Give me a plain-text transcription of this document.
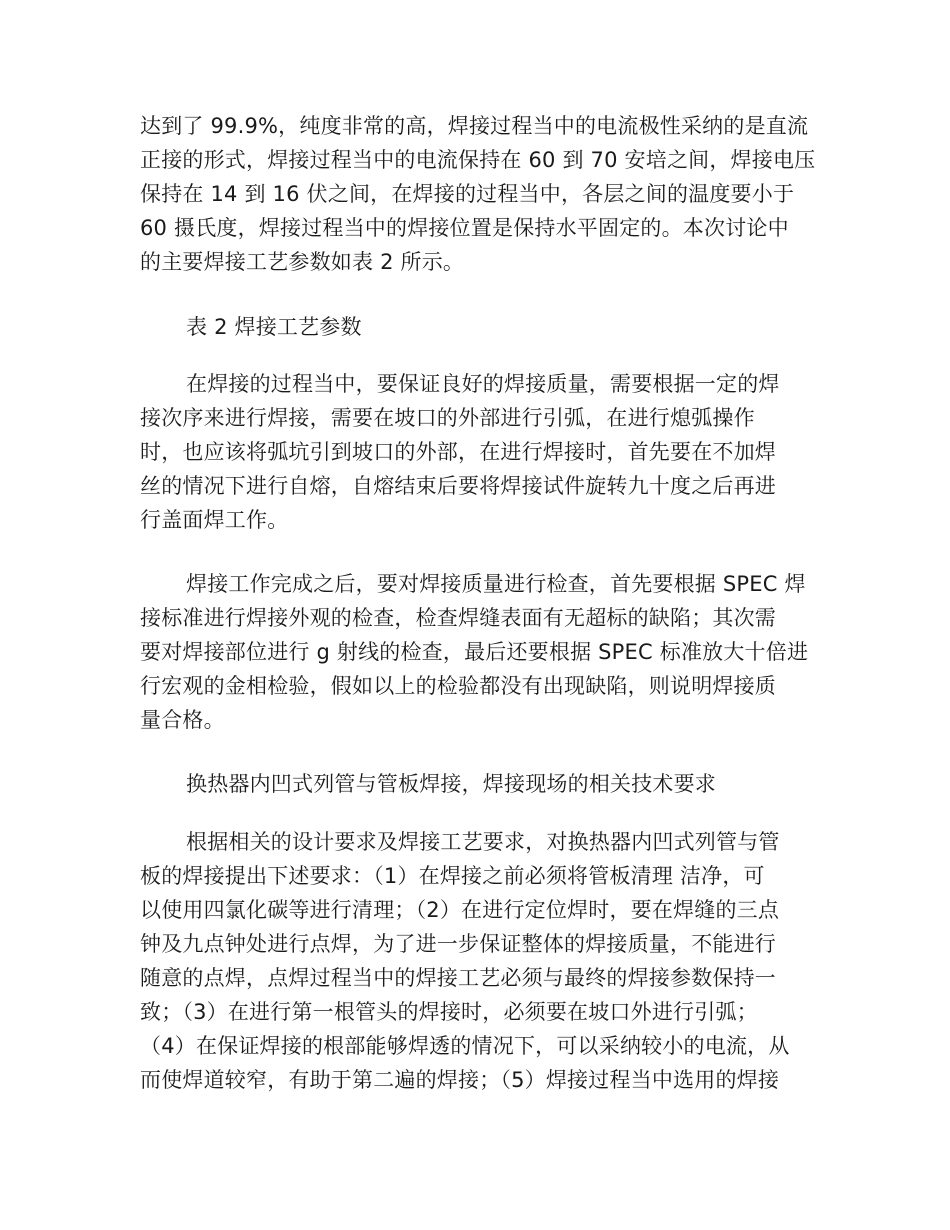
达到了 99.9%，纯度非常的高，焊接过程当中的电流极性采纳的是直流
正接的形式，焊接过程当中的电流保持在 60 到 70 安培之间，焊接电压
保持在 14 到 16 伏之间，在焊接的过程当中，各层之间的温度要小于
60 摄氏度，焊接过程当中的焊接位置是保持水平固定的。本次讨论中
的主要焊接工艺参数如表 2 所示。
表 2 焊接工艺参数
在焊接的过程当中，要保证良好的焊接质量，需要根据一定的焊
接次序来进行焊接，需要在坡口的外部进行引弧，在进行熄弧操作
时，也应该将弧坑引到坡口的外部，在进行焊接时，首先要在不加焊
丝的情况下进行自熔，自熔结束后要将焊接试件旋转九十度之后再进
行盖面焊工作。
焊接工作完成之后，要对焊接质量进行检查，首先要根据 SPEC 焊
接标准进行焊接外观的检查，检查焊缝表面有无超标的缺陷；其次需
要对焊接部位进行 g 射线的检查，最后还要根据 SPEC 标准放大十倍进
行宏观的金相检验，假如以上的检验都没有出现缺陷，则说明焊接质
量合格。
换热器内凹式列管与管板焊接，焊接现场的相关技术要求
根据相关的设计要求及焊接工艺要求，对换热器内凹式列管与管
板的焊接提出下述要求：（1）在焊接之前必须将管板清理 洁净，可
以使用四氯化碳等进行清理；（2）在进行定位焊时，要在焊缝的三点
钟及九点钟处进行点焊，为了进一步保证整体的焊接质量，不能进行
随意的点焊，点焊过程当中的焊接工艺必须与最终的焊接参数保持一
致；（3）在进行第一根管头的焊接时，必须要在坡口外进行引弧；
（4）在保证焊接的根部能够焊透的情况下，可以采纳较小的电流，从
而使焊道较窄，有助于第二遍的焊接；（5）焊接过程当中选用的焊接
